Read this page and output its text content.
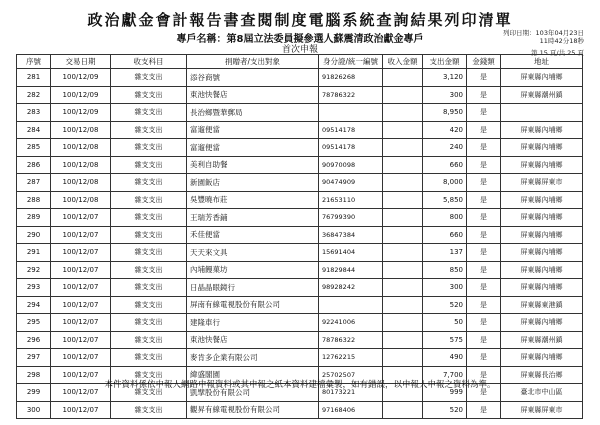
政治獻金會計報告書查閱制度電腦系統查詢結果列印清單
專戶名稱：第8屆立法委員擬參選人蘇震清政治獻金專戶
首次申報
列印日期：103年04月23日
11時42分18秒
第 15 頁/共 25 頁
序號	交易日期	收支科目	捐贈者/支出對象	身分證/統一編號	收入金額	支出金額	金錢類	地址
281	100/12/09	雜支支出	添谷商號	91826268		3,120	是	屏東縣內埔鄉
282	100/12/09	雜支支出	東池快餐店	78786322		300	是	屏東縣潮州鎮
283	100/12/09	雜支支出	長治鄉暨華郵局			8,950	是	
284	100/12/08	雜支支出	富遛便當	09514178		420	是	屏東縣內埔鄉
285	100/12/08	雜支支出	富遛便當	09514178		240	是	屏東縣內埔鄉
286	100/12/08	雜支支出	美利自助餐	90970098		660	是	屏東縣內埔鄉
287	100/12/08	雜支支出	新園飯店	90474909		8,000	是	屏東縣屏東市
288	100/12/08	雜支支出	吳豐曉布莊	21653110		5,850	是	屏東縣內埔鄉
289	100/12/07	雜支支出	王瑞芳香鋪	76799390		800	是	屏東縣內埔鄉
290	100/12/07	雜支支出	禾佳便當	36847384		660	是	屏東縣內埔鄉
291	100/12/07	雜支支出	天天來文具	15691404		137	是	屏東縣內埔鄉
292	100/12/07	雜支支出	內埔饅菓坊	91829844		850	是	屏東縣內埔鄉
293	100/12/07	雜支支出	日晶晶眼鏡行	98928242		300	是	屏東縣內埔鄉
294	100/12/07	雜支支出	屏南有線電視股份有限公司			520	是	屏東縣東港鎮
295	100/12/07	雜支支出	建隆車行	92241006		50	是	屏東縣內埔鄉
296	100/12/07	雜支支出	東池快餐店	78786322		575	是	屏東縣潮州鎮
297	100/12/07	雜支支出	麥肯多企業有限公司	12762215		490	是	屏東縣內埔鄉
298	100/12/07	雜支支出	緯盛閣園	25702507		7,700	是	屏東縣長治鄉
299	100/12/07	雜支支出	凱擘股份有限公司	80173221		999	是	臺北市中山區
300	100/12/07	雜支支出	觀昇有線電視股份有限公司	97168406		520	是	屏東縣屏東市
本件資料係依申報人網路申報資料或其申報之紙本資料建檔彙製，如有錯誤，以申報人申報之資料為準。
